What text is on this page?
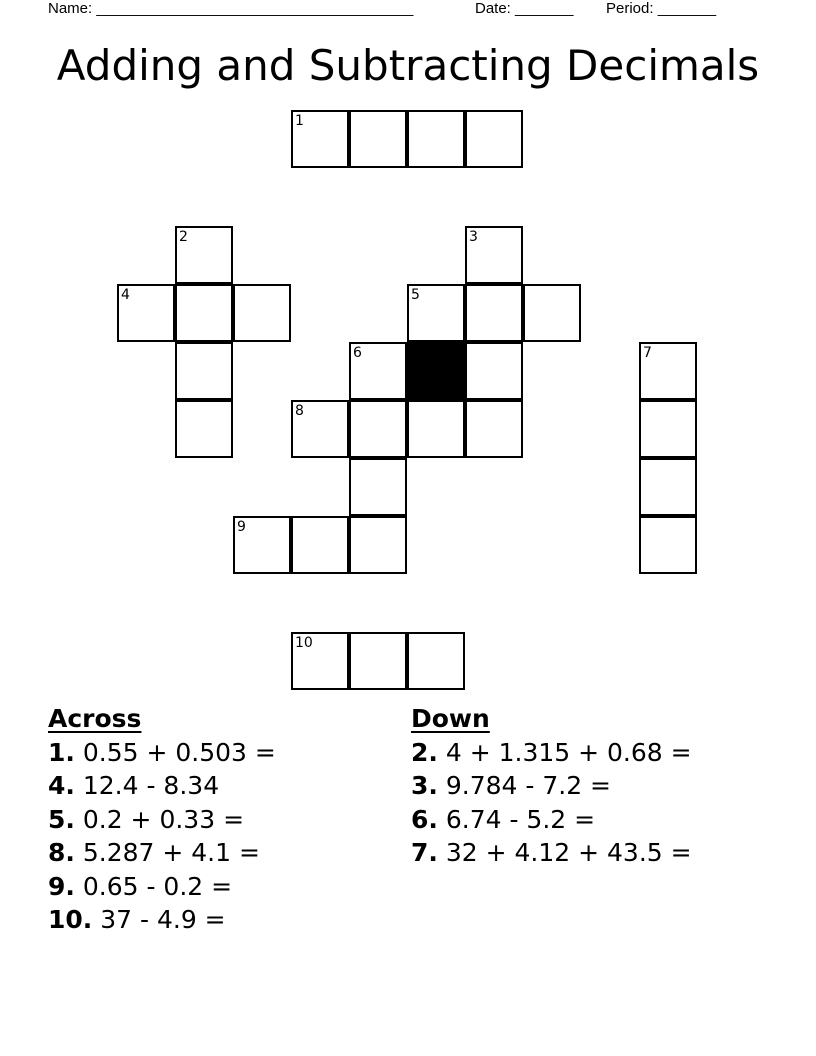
Name: ______________________________________	Date: _______ Period: _______
Adding and Subtracting Decimals
1
2	3
4	5
6	7
8
9
10
Across
1. 0.55 + 0.503 =
4. 12.4 - 8.34
5. 0.2 + 0.33 =
8. 5.287 + 4.1 =
9. 0.65 - 0.2 =
10. 37 - 4.9 =
Down
2. 4 + 1.315 + 0.68 =
3. 9.784 - 7.2 =
6. 6.74 - 5.2 =
7. 32 + 4.12 + 43.5 =
